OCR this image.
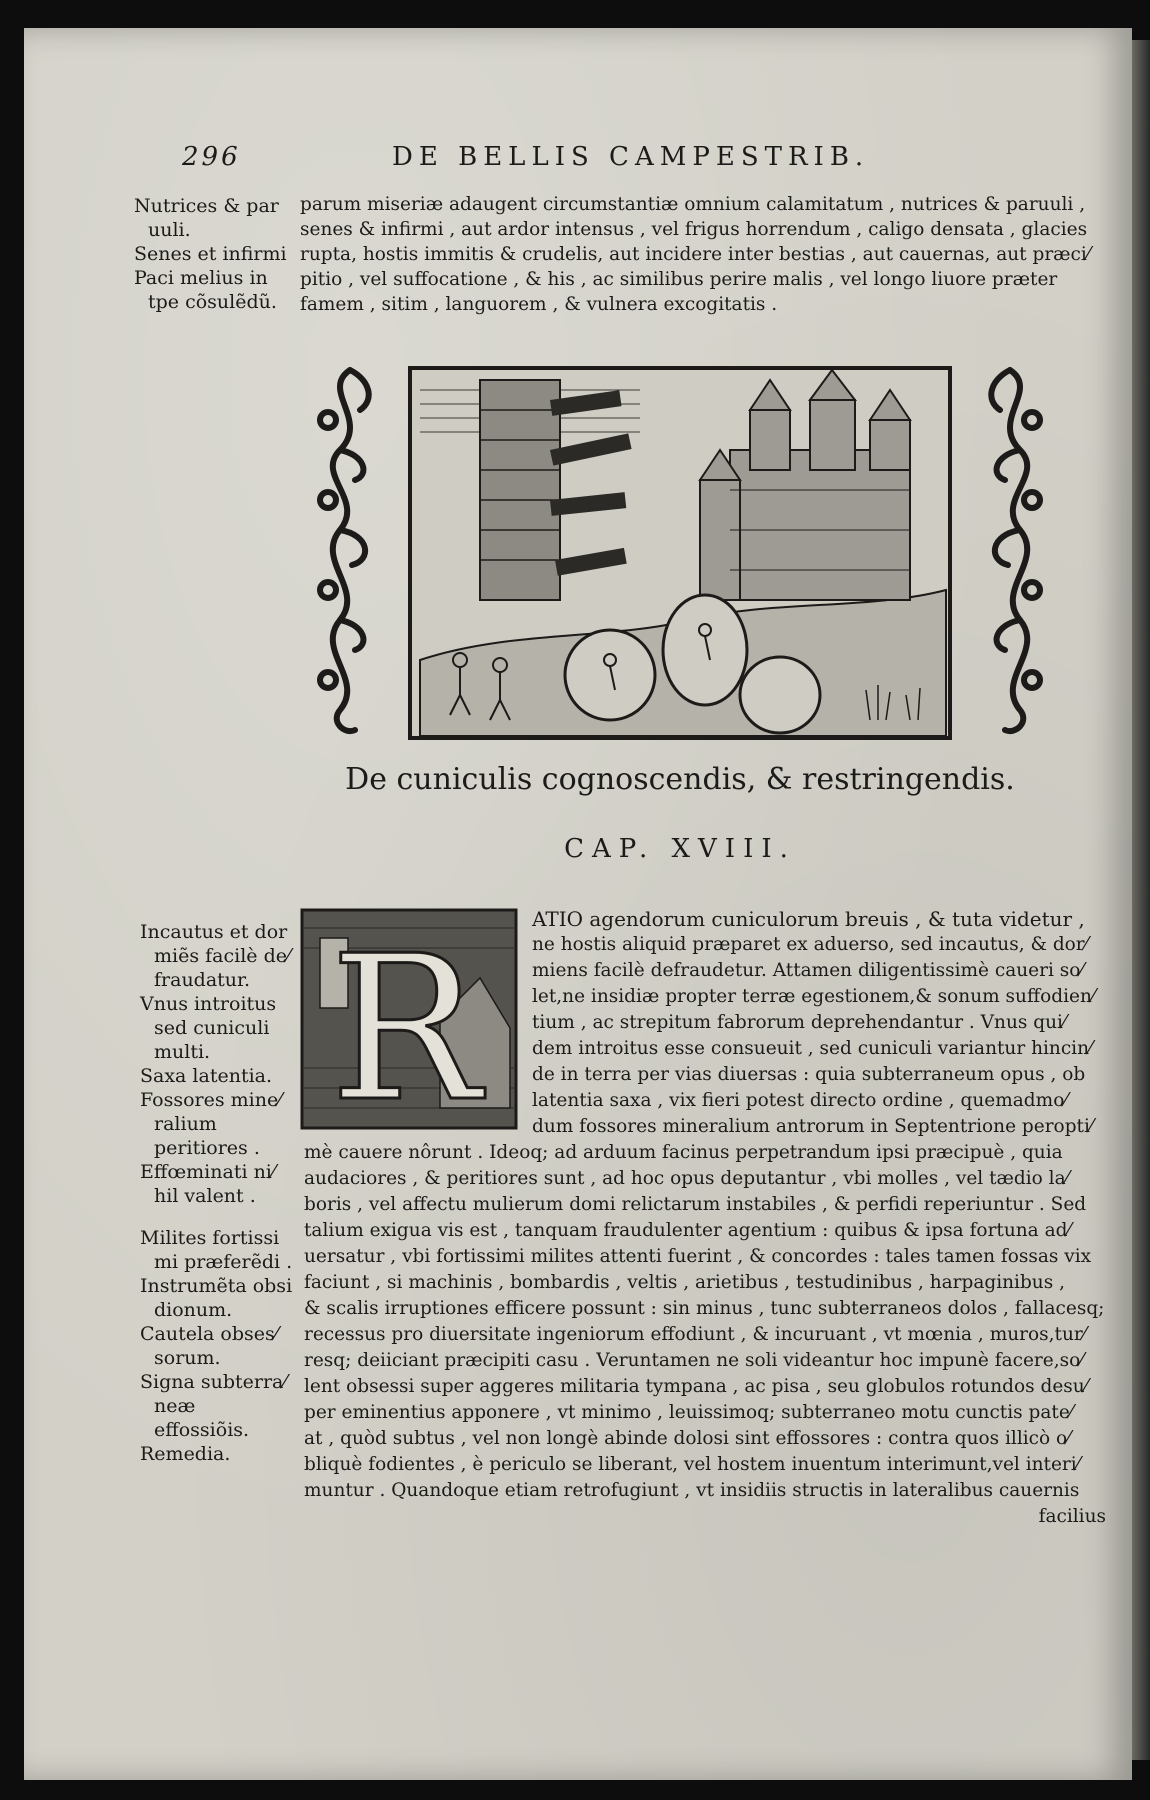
296	DE BELLIS CAMPESTRIB.
Nutrices & par
uuli.
Senes et infirmi
Paci melius in
tpe cõsulẽdũ.
parum miseriæ adaugent circumstantiæ omnium calamitatum , nutrices & paruuli ,
senes & infirmi , aut ardor intensus , vel frigus horrendum , caligo densata , glacies
rupta, hostis immitis & crudelis, aut incidere inter bestias , aut cauernas, aut præci⁄
pitio , vel suffocatione , & his , ac similibus perire malis , vel longo liuore præter
famem , sitim , languorem , & vulnera excogitatis .
De cuniculis cognoscendis, & restringendis.
CAP. XVIII.
R	ATIO agendorum cuniculorum breuis , & tuta videtur ,
ne hostis aliquid præparet ex aduerso, sed incautus, & dor⁄
miens facilè defraudetur. Attamen diligentissimè caueri so⁄
let,ne insidiæ propter terræ egestionem,& sonum suffodien⁄
tium , ac strepitum fabrorum deprehendantur . Vnus qui⁄
dem introitus esse consueuit , sed cuniculi variantur hincin⁄
de in terra per vias diuersas : quia subterraneum opus , ob
latentia saxa , vix fieri potest directo ordine , quemadmo⁄
dum fossores mineralium antrorum in Septentrione peropti⁄
mè cauere nôrunt . Ideoq; ad arduum facinus perpetrandum ipsi præcipuè , quia
audaciores , & peritiores sunt , ad hoc opus deputantur , vbi molles , vel tædio la⁄
boris , vel affectu mulierum domi relictarum instabiles , & perfidi reperiuntur . Sed
talium exigua vis est , tanquam fraudulenter agentium : quibus & ipsa fortuna ad⁄
uersatur , vbi fortissimi milites attenti fuerint , & concordes : tales tamen fossas vix
faciunt , si machinis , bombardis , veltis , arietibus , testudinibus , harpaginibus ,
& scalis irruptiones efficere possunt : sin minus , tunc subterraneos dolos , fallacesq;
recessus pro diuersitate ingeniorum effodiunt , & incuruant , vt mœnia , muros,tur⁄
resq; deiiciant præcipiti casu . Veruntamen ne soli videantur hoc impunè facere,so⁄
lent obsessi super aggeres militaria tympana , ac pisa , seu globulos rotundos desu⁄
per eminentius apponere , vt minimo , leuissimoq; subterraneo motu cunctis pate⁄
at , quòd subtus , vel non longè abinde dolosi sint effossores : contra quos illicò o⁄
bliquè fodientes , è periculo se liberant, vel hostem inuentum interimunt,vel interi⁄
muntur . Quandoque etiam retrofugiunt , vt insidiis structis in lateralibus cauernis
facilius
Incautus et dor
miẽs facilè de⁄
fraudatur.
Vnus introitus
sed cuniculi
multi.
Saxa latentia.
Fossores mine⁄
ralium peritiores .
Effœminati ni⁄
hil valent .
Milites fortissi
mi præferẽdi .
Instrumẽta obsi
dionum.
Cautela obses⁄
sorum.
Signa subterra⁄
neæ effossiõis.
Remedia.
